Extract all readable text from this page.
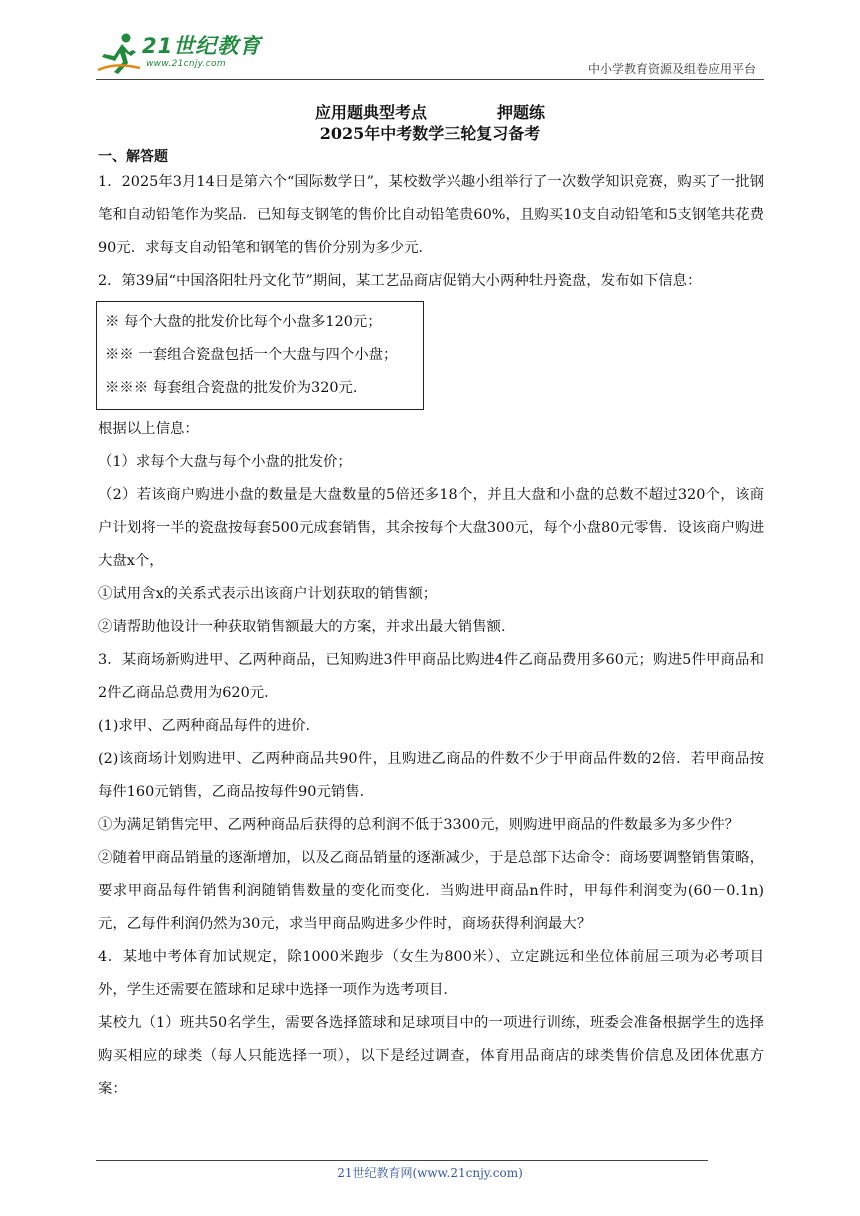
21世纪教育
www.21cnjy.com	中小学教育资源及组卷应用平台
应用题典型考点	押题练
2025年中考数学三轮复习备考
一、解答题

1．2025年3月14日是第六个“国际数学日”，某校数学兴趣小组举行了一次数学知识竞赛，购买了一批钢笔和自动铅笔作为奖品．已知每支钢笔的售价比自动铅笔贵60%，且购买10支自动铅笔和5支钢笔共花费90元．求每支自动铅笔和钢笔的售价分别为多少元．

2．第39届“中国洛阳牡丹文化节”期间，某工艺品商店促销大小两种牡丹瓷盘，发布如下信息：

※ 每个大盘的批发价比每个小盘多120元；
※※ 一套组合瓷盘包括一个大盘与四个小盘；
※※※ 每套组合瓷盘的批发价为320元.

根据以上信息：

（1）求每个大盘与每个小盘的批发价；

（2）若该商户购进小盘的数量是大盘数量的5倍还多18个，并且大盘和小盘的总数不超过320个，该商户计划将一半的瓷盘按每套500元成套销售，其余按每个大盘300元，每个小盘80元零售．设该商户购进大盘x个，

①试用含x的关系式表示出该商户计划获取的销售额；

②请帮助他设计一种获取销售额最大的方案，并求出最大销售额.

3．某商场新购进甲、乙两种商品，已知购进3件甲商品比购进4件乙商品费用多60元；购进5件甲商品和2件乙商品总费用为620元．

(1)求甲、乙两种商品每件的进价．

(2)该商场计划购进甲、乙两种商品共90件，且购进乙商品的件数不少于甲商品件数的2倍．若甲商品按每件160元销售，乙商品按每件90元销售．

①为满足销售完甲、乙两种商品后获得的总利润不低于3300元，则购进甲商品的件数最多为多少件？

②随着甲商品销量的逐渐增加，以及乙商品销量的逐渐减少，于是总部下达命令：商场要调整销售策略，要求甲商品每件销售利润随销售数量的变化而变化．当购进甲商品n件时，甲每件利润变为(60－0.1n)元，乙每件利润仍然为30元，求当甲商品购进多少件时，商场获得利润最大？

4．某地中考体育加试规定，除1000米跑步（女生为800米）、立定跳远和坐位体前屈三项为必考项目外，学生还需要在篮球和足球中选择一项作为选考项目．

某校九（1）班共50名学生，需要各选择篮球和足球项目中的一项进行训练，班委会准备根据学生的选择购买相应的球类（每人只能选择一项），以下是经过调查，体育用品商店的球类售价信息及团体优惠方案：

21世纪教育网(www.21cnjy.com)
